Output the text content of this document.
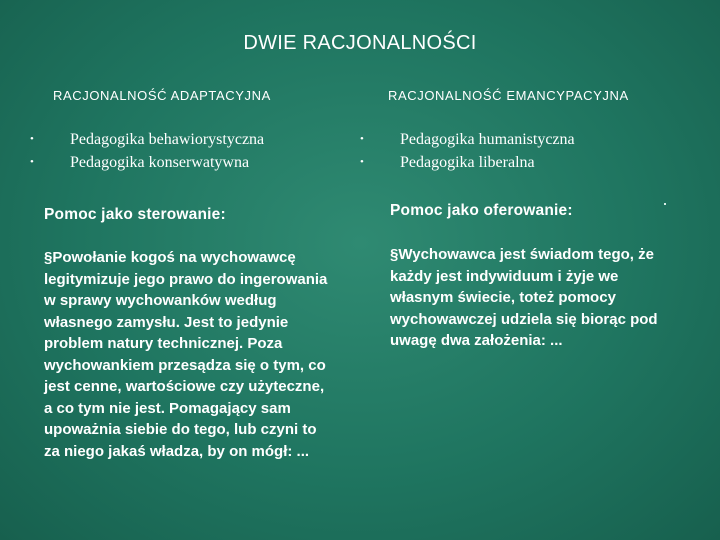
DWIE RACJONALNOŚCI
RACJONALNOŚĆ ADAPTACYJNA	RACJONALNOŚĆ EMANCYPACYJNA
• Pedagogika behawiorystyczna
• Pedagogika konserwatywna
• Pedagogika humanistyczna
• Pedagogika liberalna
Pomoc jako sterowanie:	Pomoc jako oferowanie:

§Powołanie kogoś na wychowawcę legitymizuje jego prawo do ingerowania w sprawy wychowanków według własnego zamysłu. Jest to jedynie problem natury technicznej. Poza wychowankiem przesądza się o tym, co jest cenne, wartościowe czy użyteczne, a co tym nie jest. Pomagający sam upoważnia siebie do tego, lub czyni to za niego jakaś władza, by on mógł: ...

§Wychowawca jest świadom tego, że każdy jest indywiduum i żyje we własnym świecie, toteż pomocy wychowawczej udziela się biorąc pod uwagę dwa założenia: ...
